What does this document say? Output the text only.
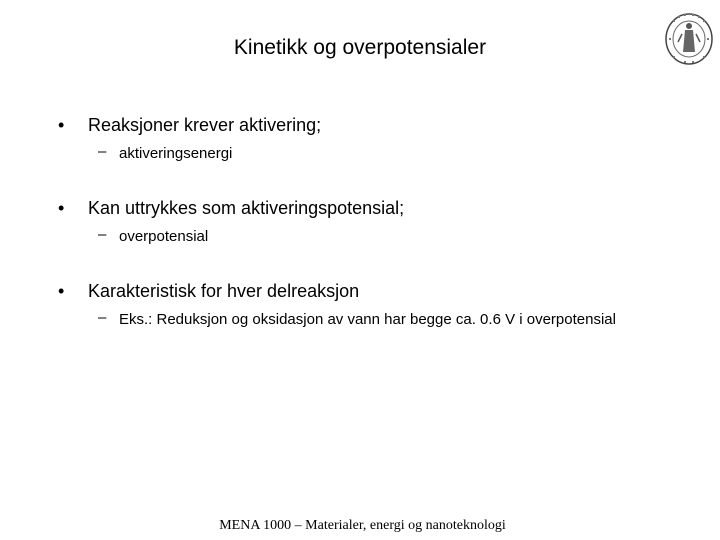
Kinetikk og overpotensialer
• Reaksjoner krever aktivering;
– aktiveringsenergi
• Kan uttrykkes som aktiveringspotensial;
– overpotensial
• Karakteristisk for hver delreaksjon
– Eks.: Reduksjon og oksidasjon av vann har begge ca. 0.6 V i overpotensial
MENA 1000 – Materialer, energi og nanoteknologi
